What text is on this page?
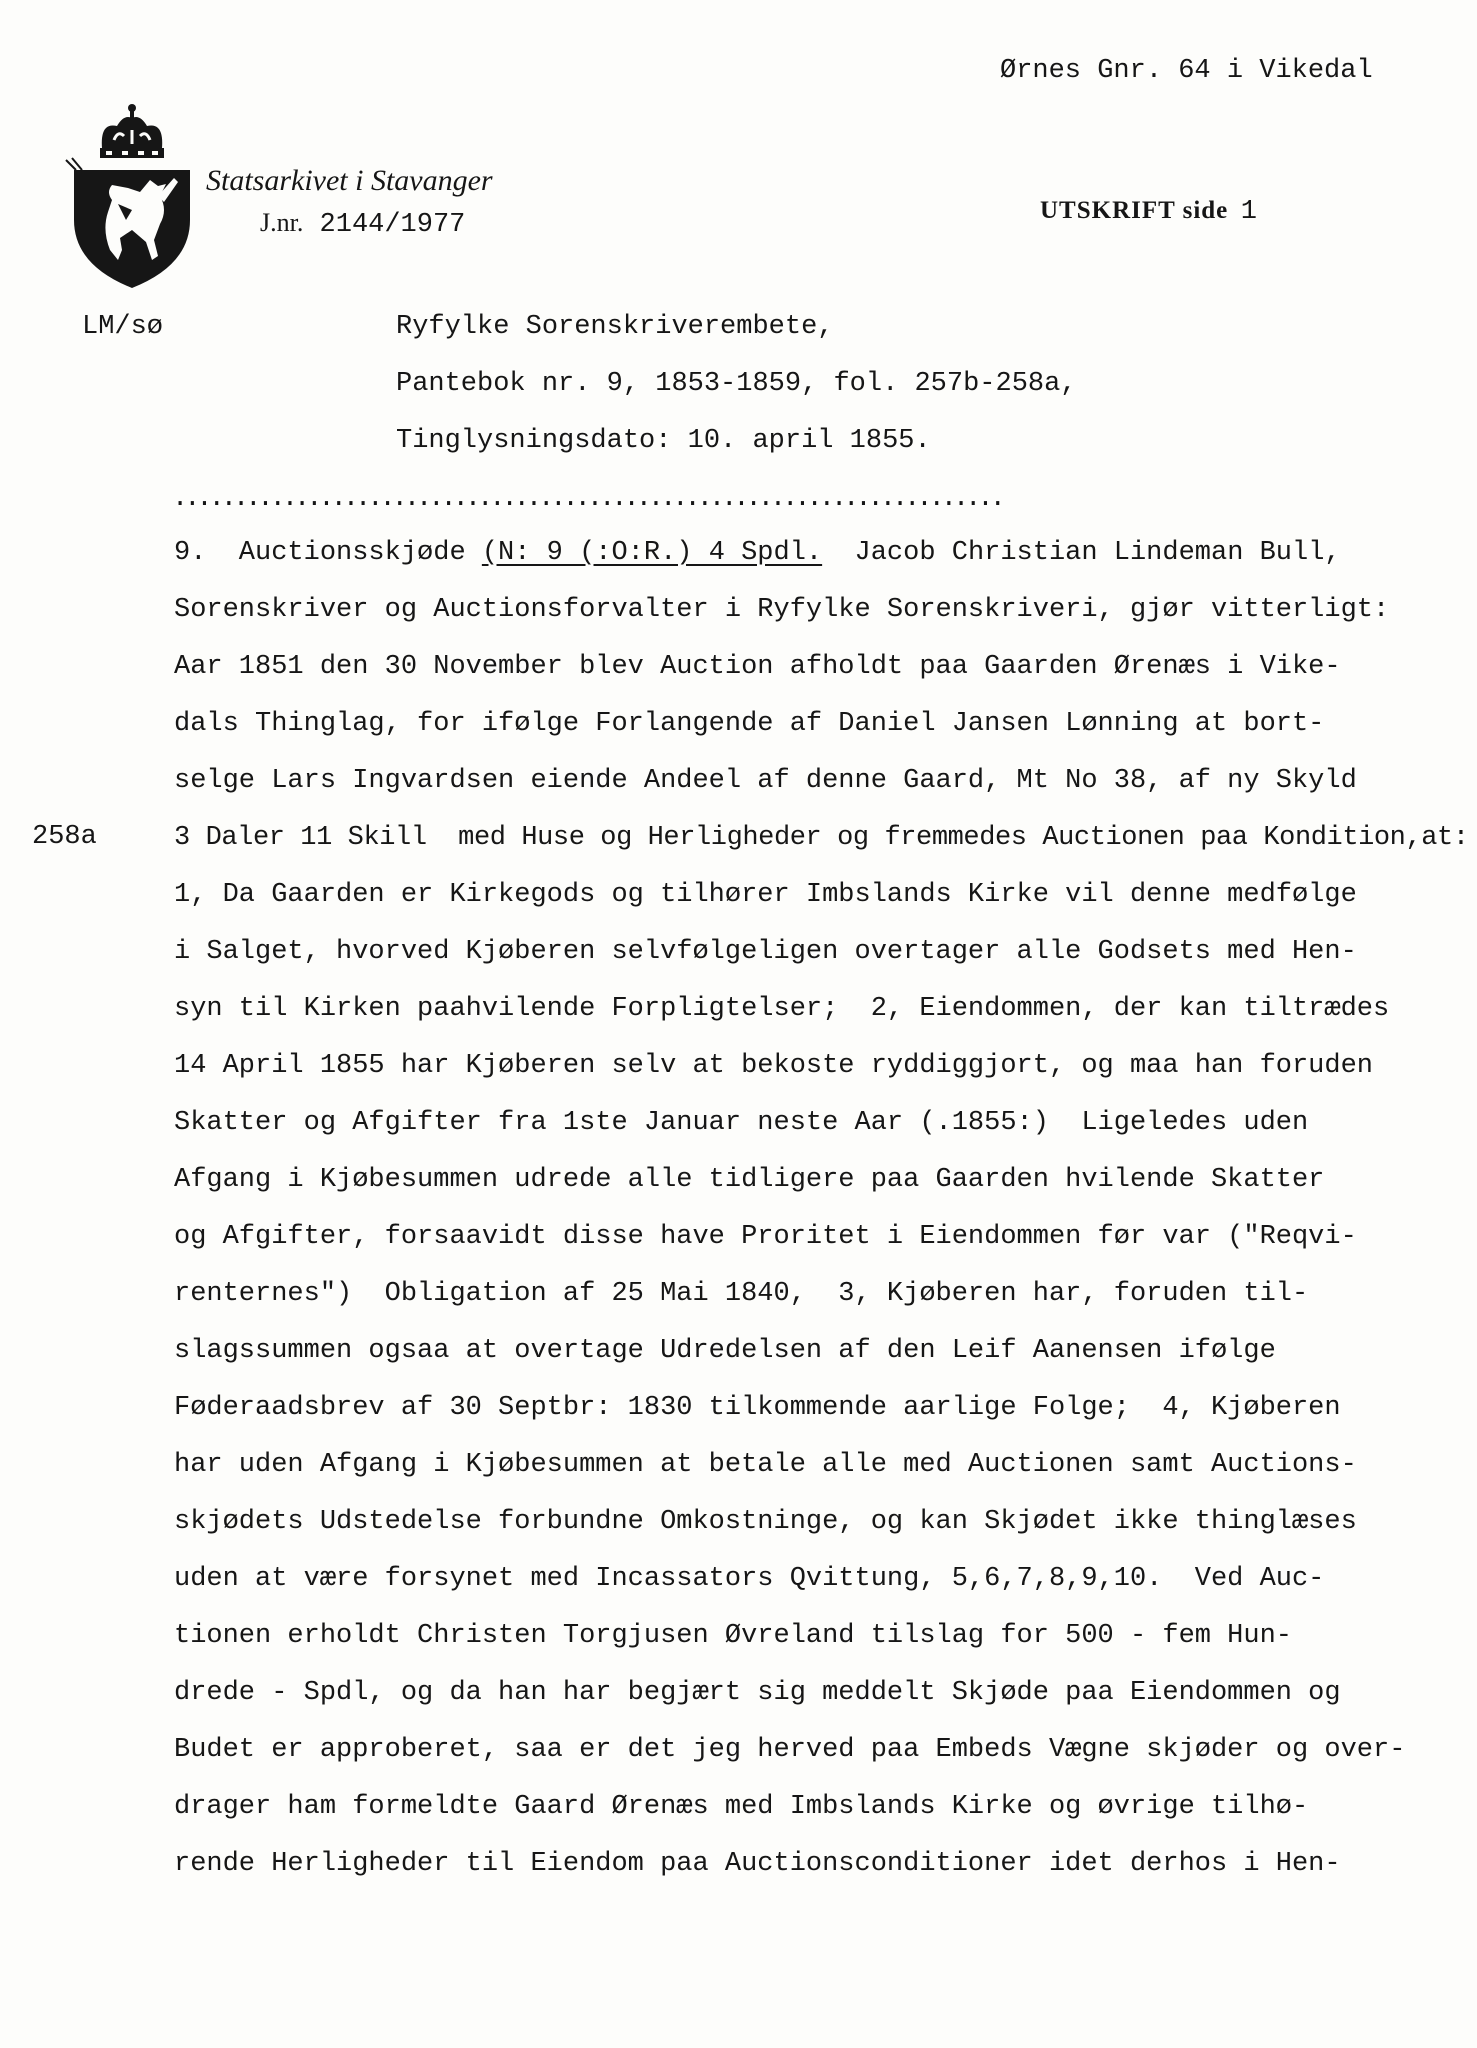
Ørnes Gnr. 64 i Vikedal
Statsarkivet i Stavanger
J.nr. 2144/1977	UTSKRIFT side 1
LM/sø	Ryfylke Sorenskriverembete,
Pantebok nr. 9, 1853-1859, fol. 257b-258a,
Tinglysningsdato: 10. april 1855.
....................................................................
258a
9.  Auctionsskjøde (N: 9 (:O:R.) 4 Spdl.  Jacob Christian Lindeman Bull,
Sorenskriver og Auctionsforvalter i Ryfylke Sorenskriveri, gjør vitterligt:
Aar 1851 den 30 November blev Auction afholdt paa Gaarden Ørenæs i Vike-
dals Thinglag, for ifølge Forlangende af Daniel Jansen Lønning at bort-
selge Lars Ingvardsen eiende Andeel af denne Gaard, Mt No 38, af ny Skyld
3 Daler 11 Skill  med Huse og Herligheder og fremmedes Auctionen paa Kondition,at:
1, Da Gaarden er Kirkegods og tilhører Imbslands Kirke vil denne medfølge
i Salget, hvorved Kjøberen selvfølgeligen overtager alle Godsets med Hen-
syn til Kirken paahvilende Forpligtelser;  2, Eiendommen, der kan tiltrædes
14 April 1855 har Kjøberen selv at bekoste ryddiggjort, og maa han foruden
Skatter og Afgifter fra 1ste Januar neste Aar (.1855:)  Ligeledes uden
Afgang i Kjøbesummen udrede alle tidligere paa Gaarden hvilende Skatter
og Afgifter, forsaavidt disse have Proritet i Eiendommen før var ("Reqvi-
renternes")  Obligation af 25 Mai 1840,  3, Kjøberen har, foruden til-
slagssummen ogsaa at overtage Udredelsen af den Leif Aanensen ifølge
Føderaadsbrev af 30 Septbr: 1830 tilkommende aarlige Folge;  4, Kjøberen
har uden Afgang i Kjøbesummen at betale alle med Auctionen samt Auctions-
skjødets Udstedelse forbundne Omkostninge, og kan Skjødet ikke thinglæses
uden at være forsynet med Incassators Qvittung, 5,6,7,8,9,10.  Ved Auc-
tionen erholdt Christen Torgjusen Øvreland tilslag for 500 - fem Hun-
drede - Spdl, og da han har begjært sig meddelt Skjøde paa Eiendommen og
Budet er approberet, saa er det jeg herved paa Embeds Vægne skjøder og over-
drager ham formeldte Gaard Ørenæs med Imbslands Kirke og øvrige tilhø-
rende Herligheder til Eiendom paa Auctionsconditioner idet derhos i Hen-
